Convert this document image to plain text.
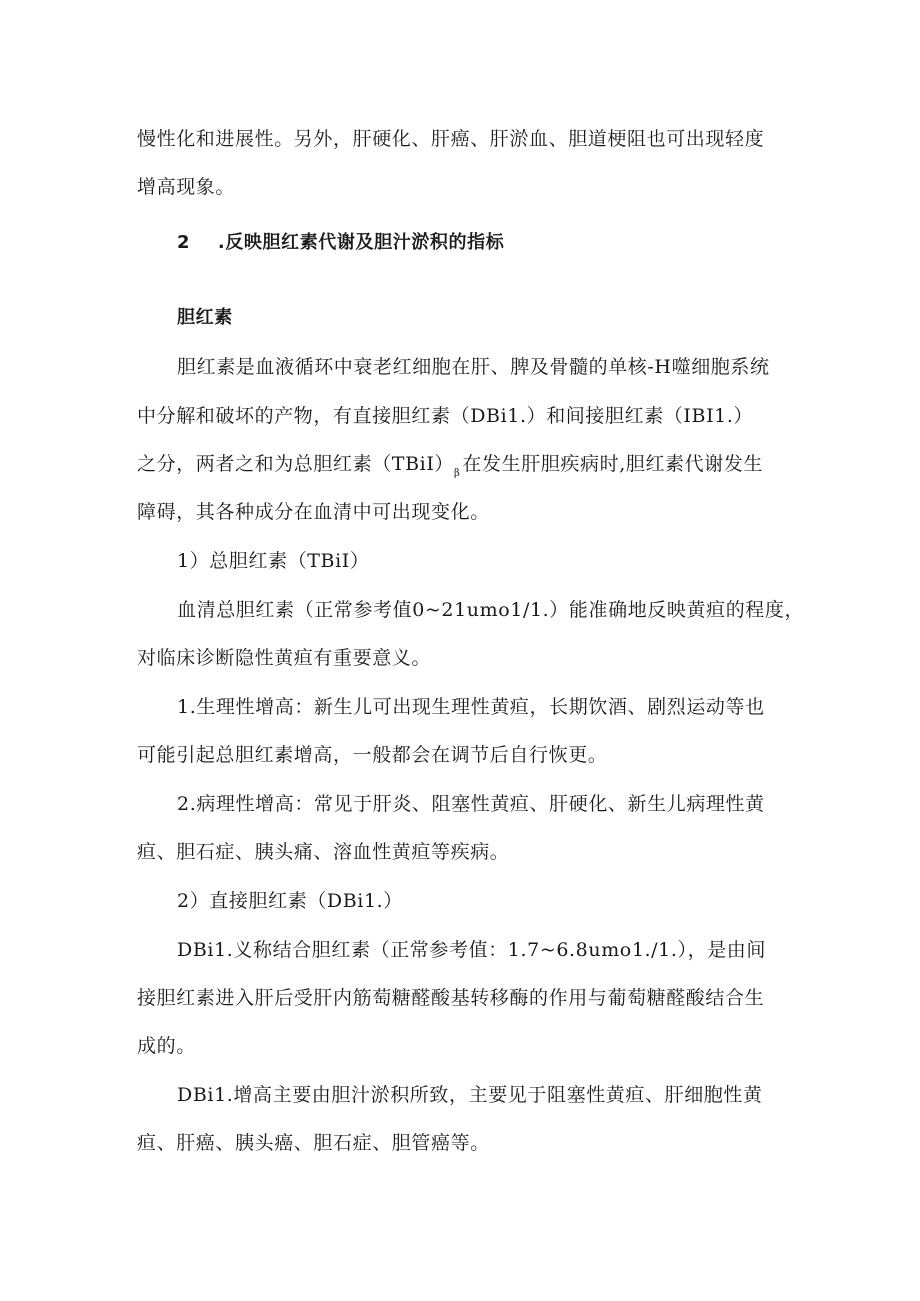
慢性化和进展性。另外，肝硬化、肝癌、肝淤血、胆道梗阻也可出现轻度
增高现象。
2 .反映胆红素代谢及胆汁淤积的指标
胆红素
胆红素是血液循环中衰老红细胞在肝、脾及骨髓的单核-H噬细胞系统
中分解和破坏的产物，有直接胆红素（DBi1.）和间接胆红素（IBI1.）
之分，两者之和为总胆红素$(TBiI)_\beta$ 在发生肝胆疾病时,胆红素代谢发生
障碍，其各种成分在血清中可出现变化。
1）总胆红素（TBiI）
血清总胆红素（正常参考值0~21umo1/1.）能准确地反映黄疸的程度，
对临床诊断隐性黄疸有重要意义。
1.生理性增高：新生儿可出现生理性黄疸，长期饮酒、剧烈运动等也
可能引起总胆红素增高，一般都会在调节后自行恢更。
2.病理性增高：常见于肝炎、阻塞性黄疸、肝硬化、新生儿病理性黄
疸、胆石症、胰头痛、溶血性黄疸等疾病。
2）直接胆红素（DBi1.）
DBi1.义称结合胆红素（正常参考值：1.7~6.8umo1./1.），是由间
接胆红素进入肝后受肝内筋萄糖醛酸基转移酶的作用与葡萄糖醛酸结合生
成的。
DBi1.增高主要由胆汁淤积所致，主要见于阻塞性黄疸、肝细胞性黄
疸、肝癌、胰头癌、胆石症、胆管癌等。
